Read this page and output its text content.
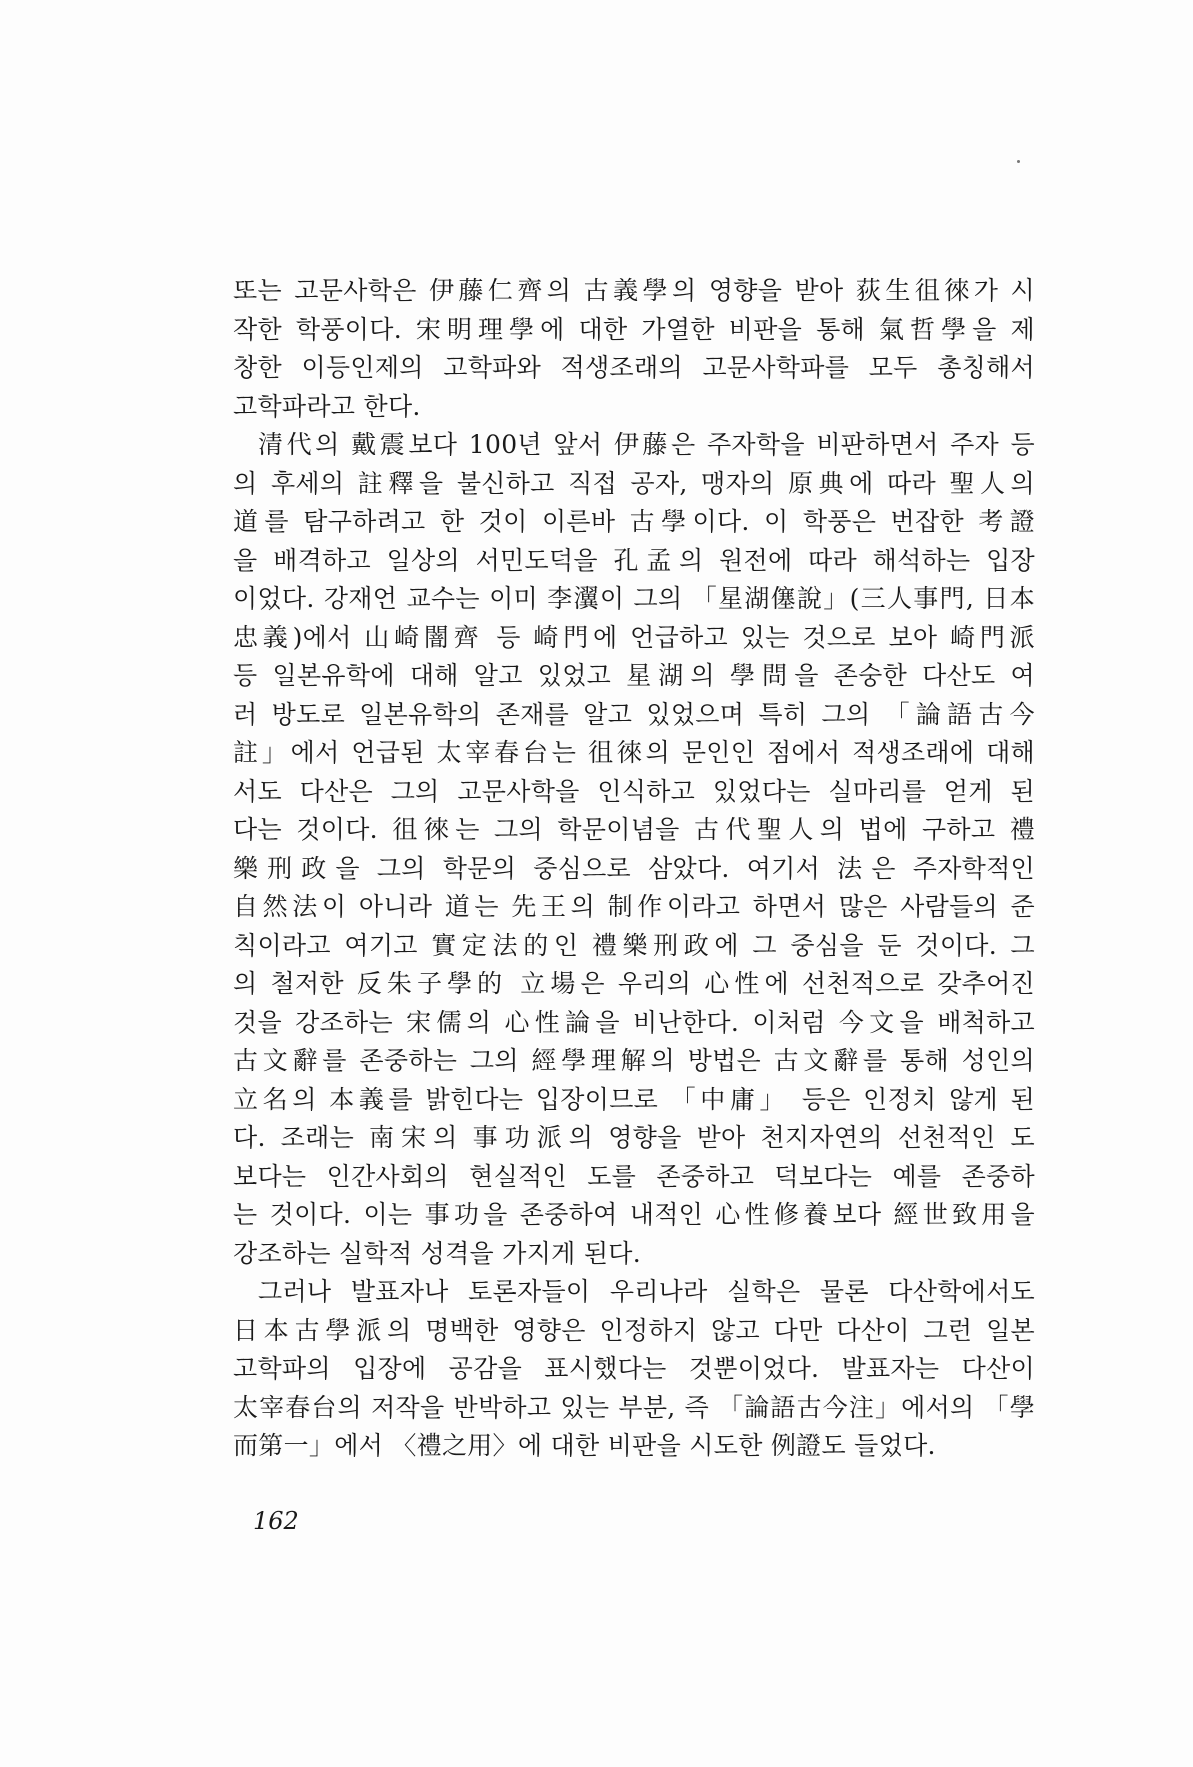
또는 고문사학은 伊藤仁齊의 古義學의 영향을 받아 荻生徂徠가 시
작한 학풍이다. 宋明理學에 대한 가열한 비판을 통해 氣哲學을 제
창한 이등인제의 고학파와 적생조래의 고문사학파를 모두 총칭해서
고학파라고 한다.
清代의 戴震보다 100년 앞서 伊藤은 주자학을 비판하면서 주자 등
의 후세의 註釋을 불신하고 직접 공자, 맹자의 原典에 따라 聖人의
道를 탐구하려고 한 것이 이른바 古學이다. 이 학풍은 번잡한 考證
을 배격하고 일상의 서민도덕을 孔孟의 원전에 따라 해석하는 입장
이었다. 강재언 교수는 이미 李瀷이 그의 「星湖僿說」(三人事門, 日本
忠義)에서 山崎闇齊 등 崎門에 언급하고 있는 것으로 보아 崎門派
등 일본유학에 대해 알고 있었고 星湖의 學問을 존숭한 다산도 여
러 방도로 일본유학의 존재를 알고 있었으며 특히 그의 「論語古今
註」에서 언급된 太宰春台는 徂徠의 문인인 점에서 적생조래에 대해
서도 다산은 그의 고문사학을 인식하고 있었다는 실마리를 얻게 된
다는 것이다. 徂徠는 그의 학문이념을 古代聖人의 법에 구하고 禮
樂刑政을 그의 학문의 중심으로 삼았다. 여기서 法은 주자학적인
自然法이 아니라 道는 先王의 制作이라고 하면서 많은 사람들의 준
칙이라고 여기고 實定法的인 禮樂刑政에 그 중심을 둔 것이다. 그
의 철저한 反朱子學的 立場은 우리의 心性에 선천적으로 갖추어진
것을 강조하는 宋儒의 心性論을 비난한다. 이처럼 今文을 배척하고
古文辭를 존중하는 그의 經學理解의 방법은 古文辭를 통해 성인의
立名의 本義를 밝힌다는 입장이므로 「中庸」 등은 인정치 않게 된
다. 조래는 南宋의 事功派의 영향을 받아 천지자연의 선천적인 도
보다는 인간사회의 현실적인 도를 존중하고 덕보다는 예를 존중하
는 것이다. 이는 事功을 존중하여 내적인 心性修養보다 經世致用을
강조하는 실학적 성격을 가지게 된다.
그러나 발표자나 토론자들이 우리나라 실학은 물론 다산학에서도
日本古學派의 명백한 영향은 인정하지 않고 다만 다산이 그런 일본
고학파의 입장에 공감을 표시했다는 것뿐이었다. 발표자는 다산이
太宰春台의 저작을 반박하고 있는 부분, 즉 「論語古今注」에서의 「學
而第一」에서 〈禮之用〉에 대한 비판을 시도한 例證도 들었다.
162
